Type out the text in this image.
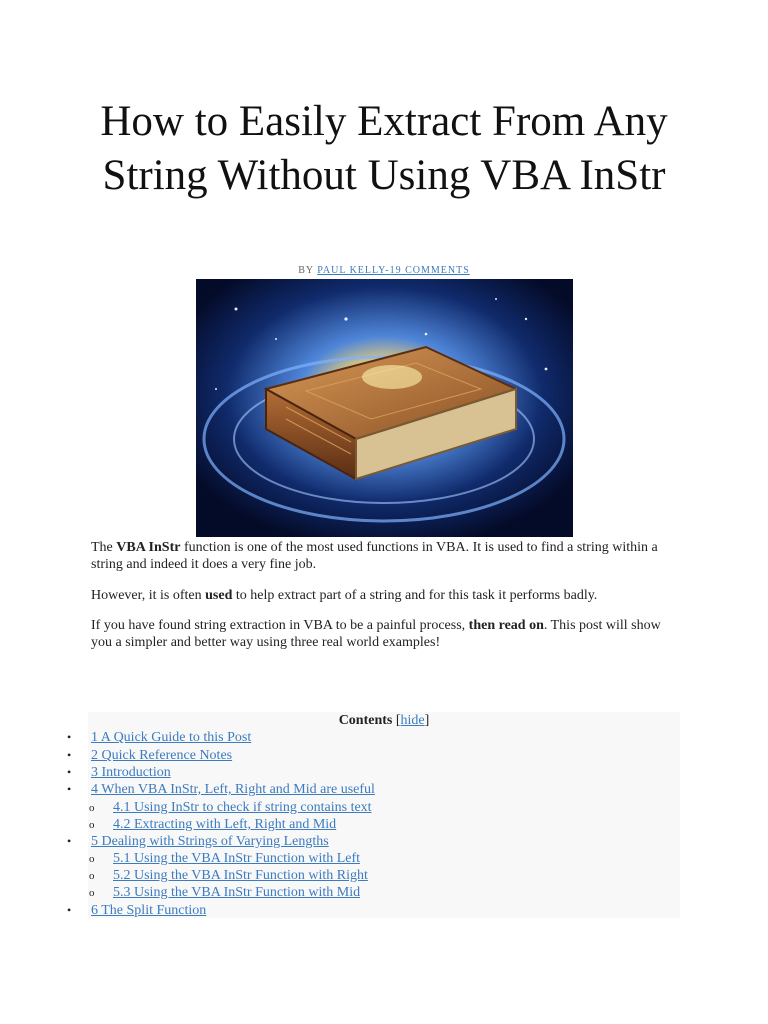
How to Easily Extract From Any String Without Using VBA InStr
BY PAUL KELLY-19 COMMENTS

The VBA InStr function is one of the most used functions in VBA. It is used to find a string within a string and indeed it does a very fine job.

However, it is often used to help extract part of a string and for this task it performs badly.

If you have found string extraction in VBA to be a painful process, then read on. This post will show you a simpler and better way using three real world examples!

Contents [hide]
• 1 A Quick Guide to this Post
• 2 Quick Reference Notes
• 3 Introduction
• 4 When VBA InStr, Left, Right and Mid are useful
o 4.1 Using InStr to check if string contains text
o 4.2 Extracting with Left, Right and Mid
• 5 Dealing with Strings of Varying Lengths
o 5.1 Using the VBA InStr Function with Left
o 5.2 Using the VBA InStr Function with Right
o 5.3 Using the VBA InStr Function with Mid
• 6 The Split Function
